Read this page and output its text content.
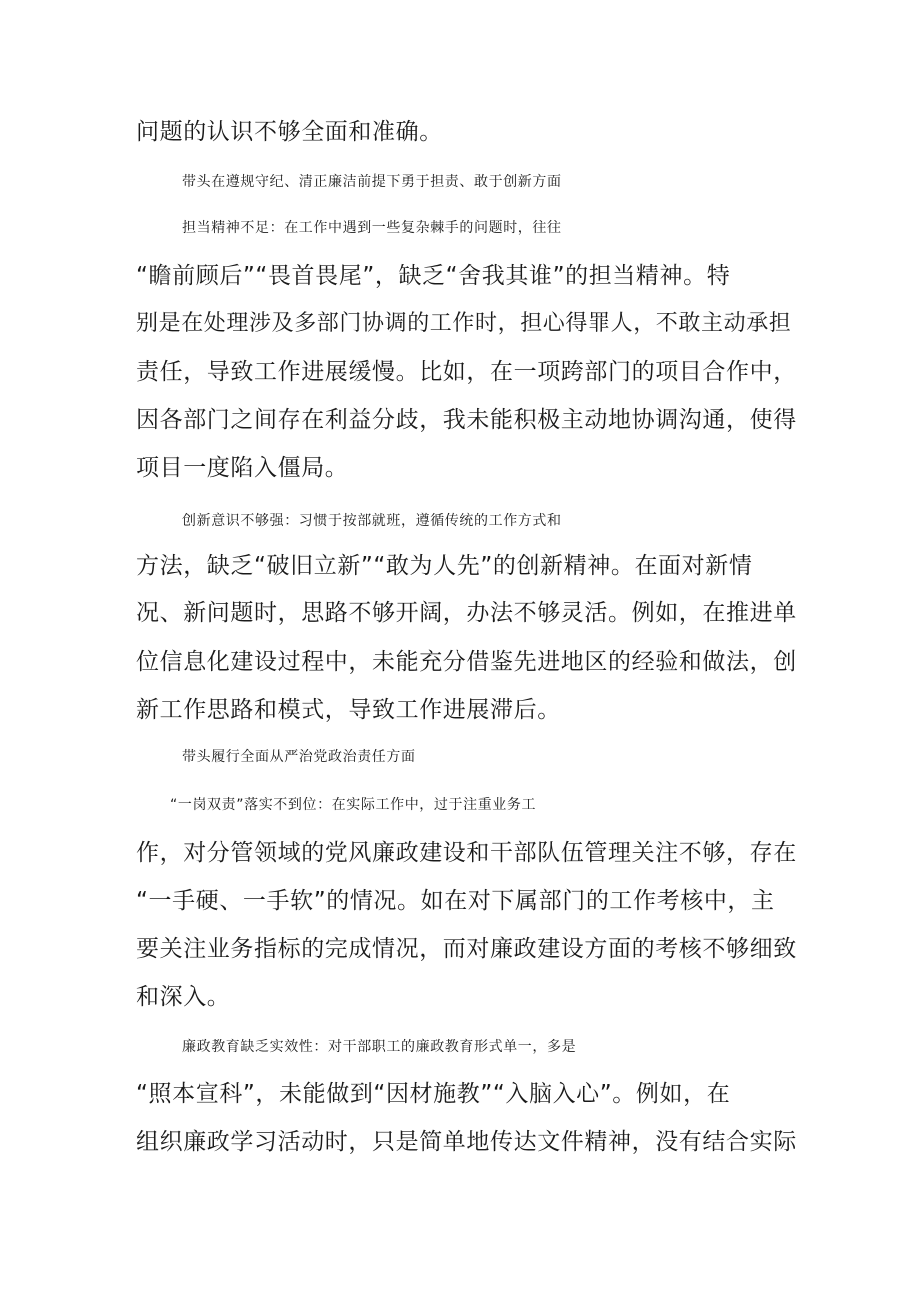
问题的认识不够全面和准确。
带头在遵规守纪、清正廉洁前提下勇于担责、敢于创新方面
担当精神不足：在工作中遇到一些复杂棘手的问题时，往往
“瞻前顾后”“畏首畏尾”，缺乏“舍我其谁”的担当精神。特
别是在处理涉及多部门协调的工作时，担心得罪人，不敢主动承担
责任，导致工作进展缓慢。比如，在一项跨部门的项目合作中，
因各部门之间存在利益分歧，我未能积极主动地协调沟通，使得
项目一度陷入僵局。
创新意识不够强：习惯于按部就班，遵循传统的工作方式和
方法，缺乏“破旧立新”“敢为人先”的创新精神。在面对新情
况、新问题时，思路不够开阔，办法不够灵活。例如，在推进单
位信息化建设过程中，未能充分借鉴先进地区的经验和做法，创
新工作思路和模式，导致工作进展滞后。
带头履行全面从严治党政治责任方面
“一岗双责”落实不到位：在实际工作中，过于注重业务工
作，对分管领域的党风廉政建设和干部队伍管理关注不够，存在
“一手硬、一手软”的情况。如在对下属部门的工作考核中，主
要关注业务指标的完成情况，而对廉政建设方面的考核不够细致
和深入。
廉政教育缺乏实效性：对干部职工的廉政教育形式单一，多是
“照本宣科”，未能做到“因材施教”“入脑入心”。例如，在
组织廉政学习活动时，只是简单地传达文件精神，没有结合实际
